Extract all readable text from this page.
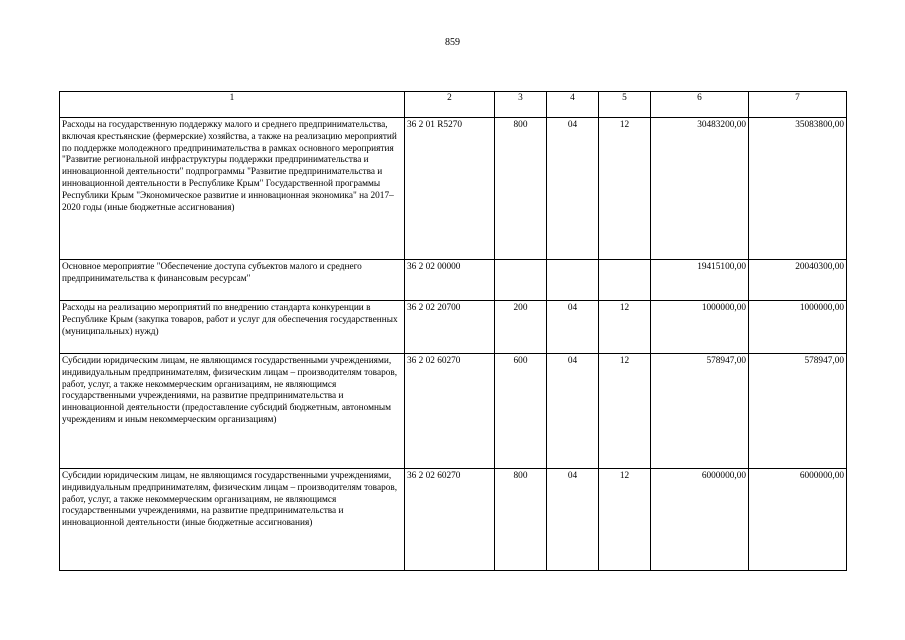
859
1	2	3	4	5	6	7
Расходы на государственную поддержку малого и среднего предпринимательства, включая крестьянские (фермерские) хозяйства, а также на реализацию мероприятий по поддержке молодежного предпринимательства в рамках основного мероприятия "Развитие региональной инфраструктуры поддержки предпринимательства и инновационной деятельности" подпрограммы "Развитие предпринимательства и инновационной деятельности в Республике Крым" Государственной программы Республики Крым "Экономическое развитие и инновационная экономика" на 2017–2020 годы (иные бюджетные ассигнования)	36 2 01 R5270	800	04	12	30483200,00	35083800,00
Основное мероприятие "Обеспечение доступа субъектов малого и среднего предпринимательства к финансовым ресурсам"	36 2 02 00000				19415100,00	20040300,00
Расходы на реализацию мероприятий по внедрению стандарта конкуренции в Республике Крым (закупка товаров, работ и услуг для обеспечения государственных (муниципальных) нужд)	36 2 02 20700	200	04	12	1000000,00	1000000,00
Субсидии юридическим лицам, не являющимся государственными учреждениями, индивидуальным предпринимателям, физическим лицам – производителям товаров, работ, услуг, а также некоммерческим организациям, не являющимся государственными учреждениями, на развитие предпринимательства и инновационной деятельности (предоставление субсидий бюджетным, автономным учреждениям и иным некоммерческим организациям)	36 2 02 60270	600	04	12	578947,00	578947,00
Субсидии юридическим лицам, не являющимся государственными учреждениями, индивидуальным предпринимателям, физическим лицам – производителям товаров, работ, услуг, а также некоммерческим организациям, не являющимся государственными учреждениями, на развитие предпринимательства и инновационной деятельности (иные бюджетные ассигнования)	36 2 02 60270	800	04	12	6000000,00	6000000,00
